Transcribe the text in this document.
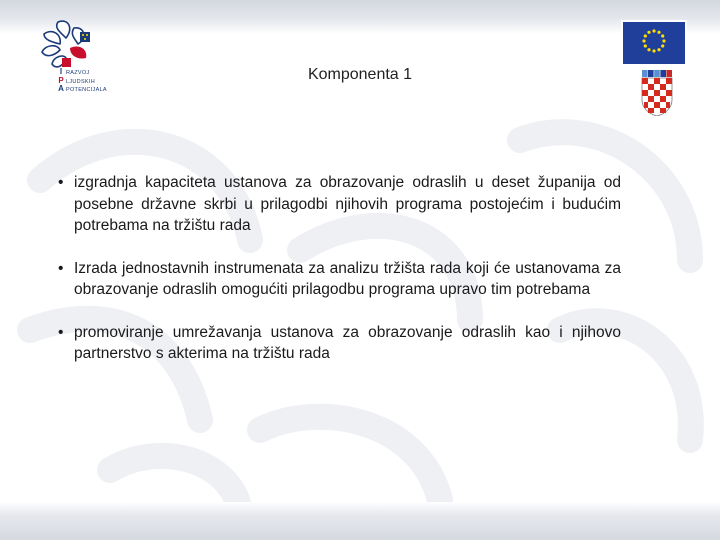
I
P
A
RAZVOJ
LJUDSKIH
POTENCIJALA
Komponenta 1
• izgradnja kapaciteta ustanova za obrazovanje odraslih u deset županija od posebne državne skrbi u prilagodbi njihovih programa postojećim i budućim potrebama na tržištu rada
• Izrada jednostavnih instrumenata za analizu tržišta rada koji će ustanovama za obrazovanje odraslih omogućiti prilagodbu programa upravo tim potrebama
• promoviranje umrežavanja ustanova za obrazovanje odraslih kao i njihovo partnerstvo s akterima na tržištu rada
